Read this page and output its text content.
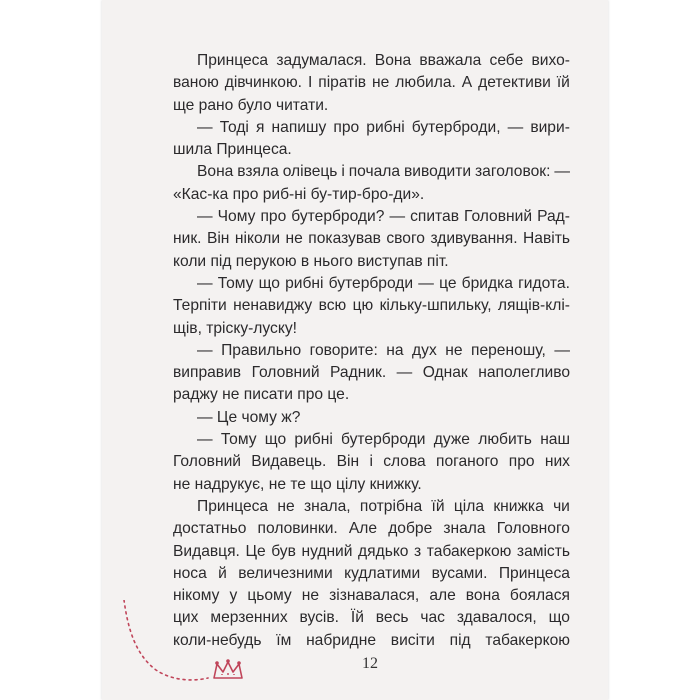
Принцеса задумалася. Вона вважала себе вихо-
ваною дівчинкою. І піратів не любила. А детективи їй
ще рано було читати.
— Тоді я напишу про рибні бутерброди, — вири-
шила Принцеса.
Вона взяла олівець і почала виводити заголовок: —
«Кас-ка про риб-ні бу-тир-бро-ди».
— Чому про бутерброди? — спитав Головний Рад-
ник. Він ніколи не показував свого здивування. Навіть
коли під перукою в нього виступав піт.
— Тому що рибні бутерброди — це бридка гидота.
Терпіти ненавиджу всю цю кільку-шпильку, лящів-клі-
щів, тріску-луску!
— Правильно говорите: на дух не переношу, —
виправив Головний Радник. — Однак наполегливо
раджу не писати про це.
— Це чому ж?
— Тому що рибні бутерброди дуже любить наш
Головний Видавець. Він і слова поганого про них
не надрукує, не те що цілу книжку.
Принцеса не знала, потрібна їй ціла книжка чи
достатньо половинки. Але добре знала Головного
Видавця. Це був нудний дядько з табакеркою замість
носа й величезними кудлатими вусами. Принцеса
нікому у цьому не зізнавалася, але вона боялася
цих мерзенних вусів. Їй весь час здавалося, що
коли-небудь їм набридне висіти під табакеркою
12
